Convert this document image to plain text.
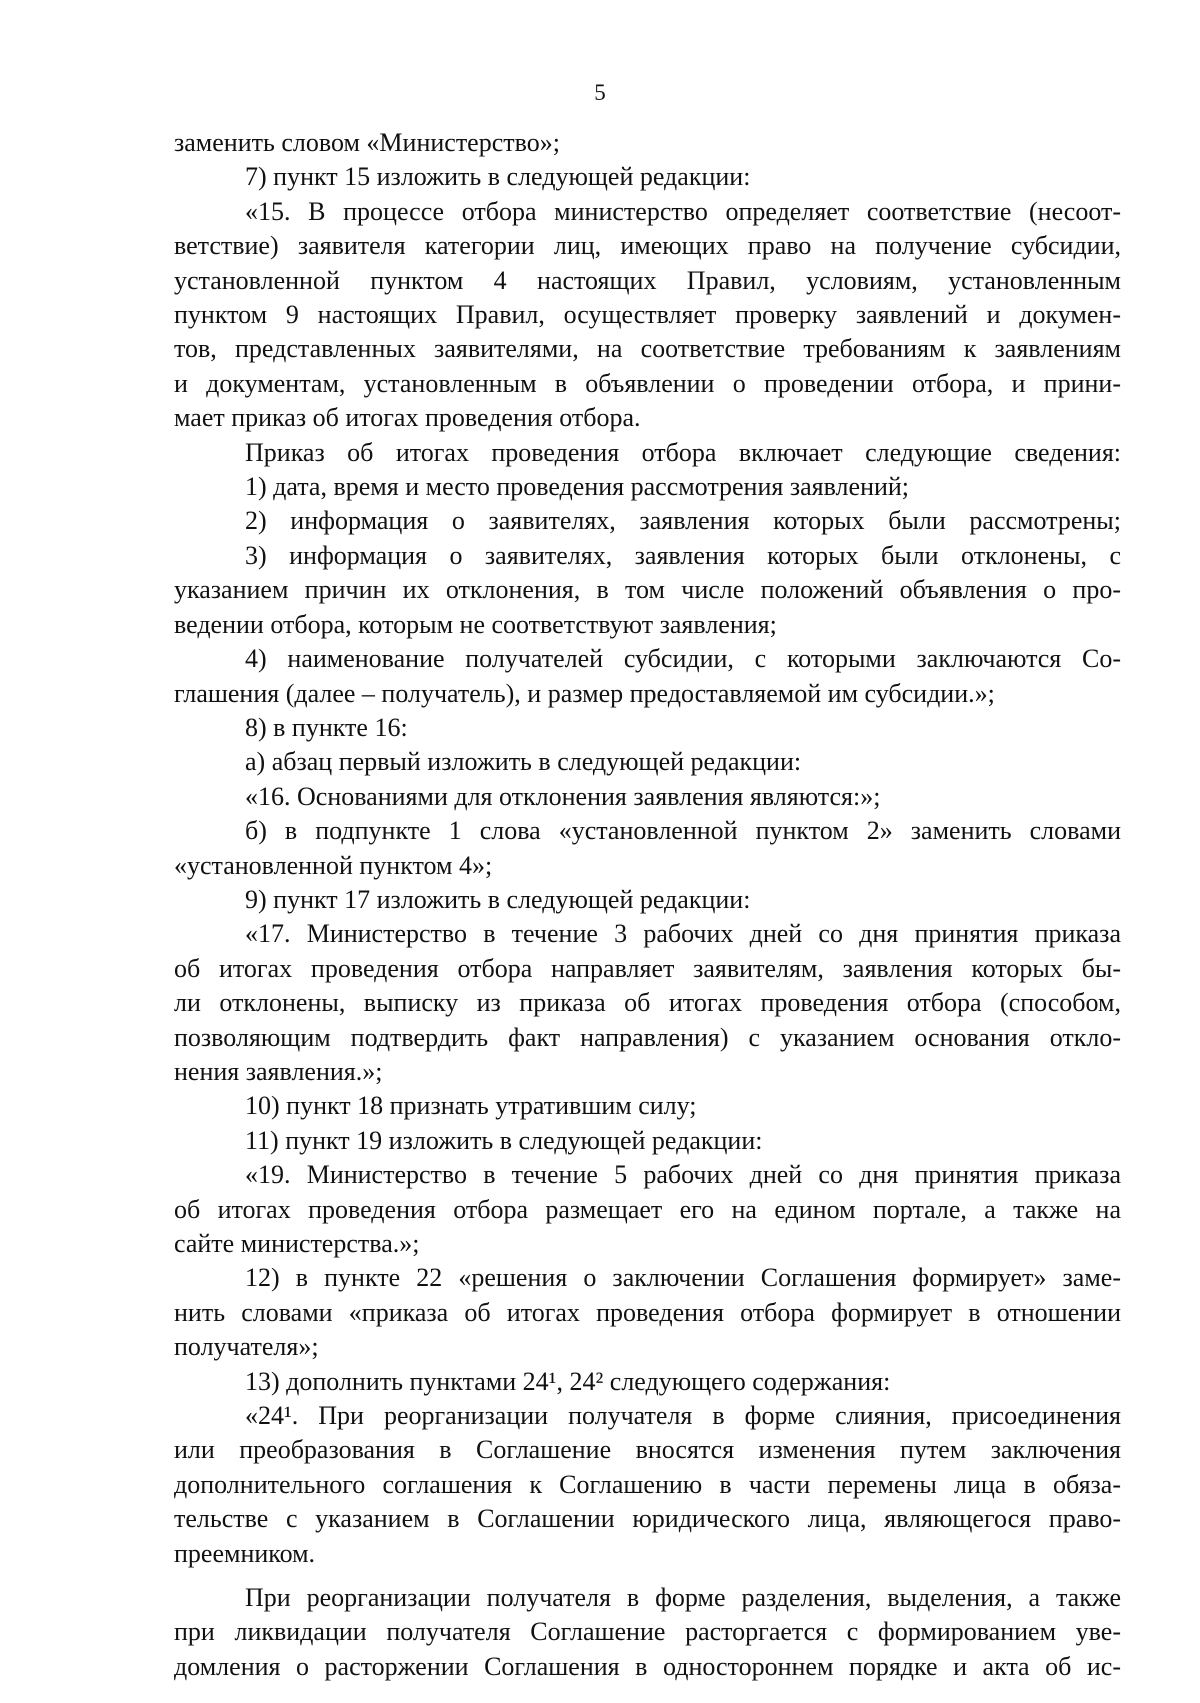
5

заменить словом «Министерство»;

7) пункт 15 изложить в следующей редакции:

«15. В процессе отбора министерство определяет соответствие (несоот-

ветствие) заявителя категории лиц, имеющих право на получение субсидии,

установленной пунктом 4 настоящих Правил, условиям, установленным

пунктом 9 настоящих Правил, осуществляет проверку заявлений и докумен-

тов, представленных заявителями, на соответствие требованиям к заявлениям

и документам, установленным в объявлении о проведении отбора, и прини-

мает приказ об итогах проведения отбора.

Приказ об итогах проведения отбора включает следующие сведения:

1) дата, время и место проведения рассмотрения заявлений;

2) информация о заявителях, заявления которых были рассмотрены;

3) информация о заявителях, заявления которых были отклонены, с

указанием причин их отклонения, в том числе положений объявления о про-

ведении отбора, которым не соответствуют заявления;

4) наименование получателей субсидии, с которыми заключаются Со-

глашения (далее – получатель), и размер предоставляемой им субсидии.»;

8) в пункте 16:

а) абзац первый изложить в следующей редакции:

«16. Основаниями для отклонения заявления являются:»;

б) в подпункте 1 слова «установленной пунктом 2» заменить словами

«установленной пунктом 4»;

9) пункт 17 изложить в следующей редакции:

«17. Министерство в течение 3 рабочих дней со дня принятия приказа

об итогах проведения отбора направляет заявителям, заявления которых бы-

ли отклонены, выписку из приказа об итогах проведения отбора (способом,

позволяющим подтвердить факт направления) с указанием основания откло-

нения заявления.»;

10) пункт 18 признать утратившим силу;

11) пункт 19 изложить в следующей редакции:

«19. Министерство в течение 5 рабочих дней со дня принятия приказа

об итогах проведения отбора размещает его на едином портале, а также на

сайте министерства.»;

12) в пункте 22 «решения о заключении Соглашения формирует» заме-

нить словами «приказа об итогах проведения отбора формирует в отношении

получателя»;

13) дополнить пунктами 24¹, 24² следующего содержания:

«24¹. При реорганизации получателя в форме слияния, присоединения

или преобразования в Соглашение вносятся изменения путем заключения

дополнительного соглашения к Соглашению в части перемены лица в обяза-

тельстве с указанием в Соглашении юридического лица, являющегося право-

преемником.

При реорганизации получателя в форме разделения, выделения, а также

при ликвидации получателя Соглашение расторгается с формированием уве-

домления о расторжении Соглашения в одностороннем порядке и акта об ис-
